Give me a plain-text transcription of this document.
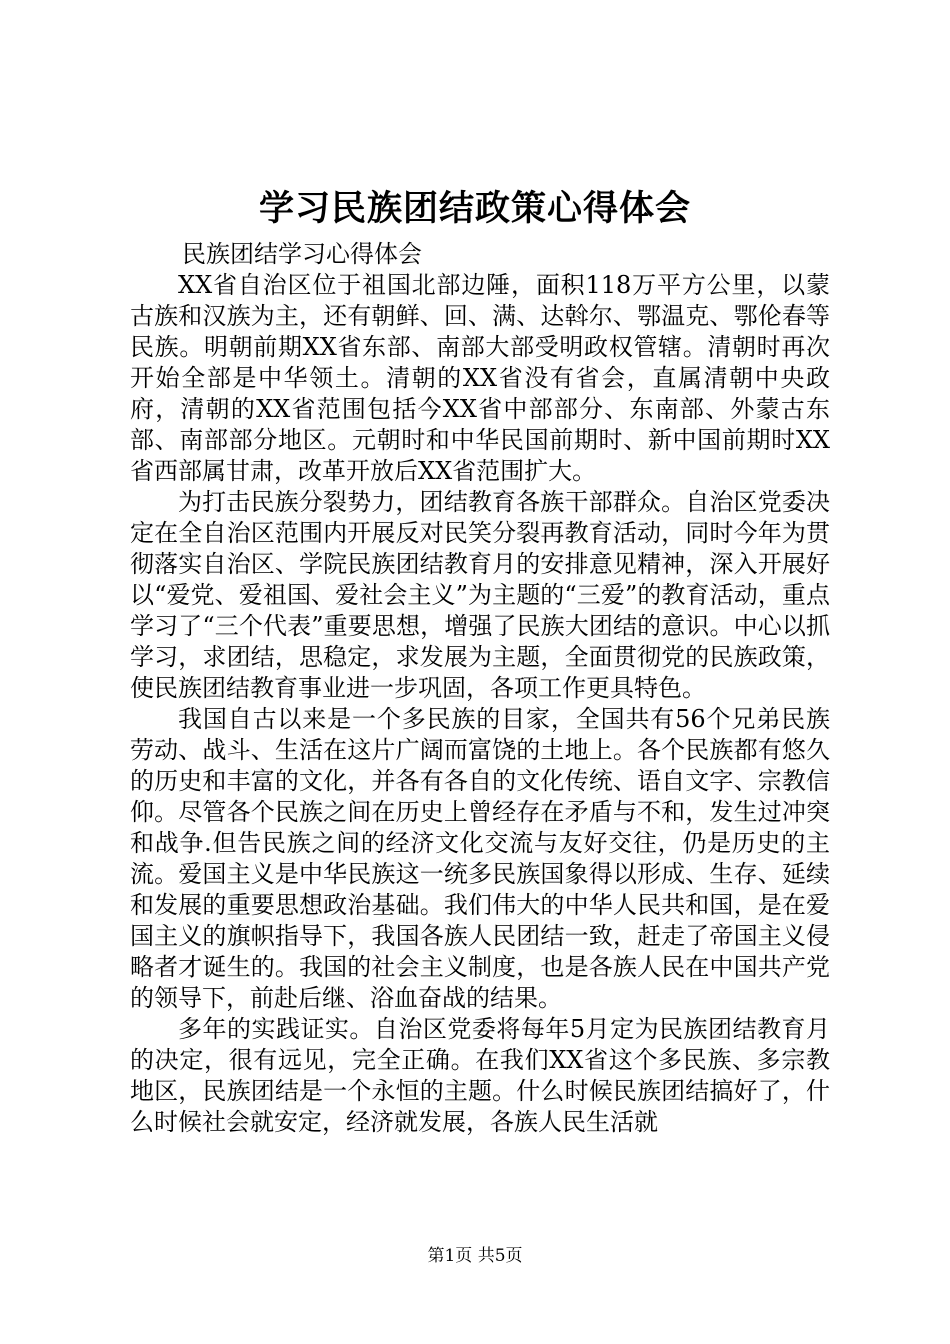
学习民族团结政策心得体会
民族团结学习心得体会

XX省自治区位于祖国北部边陲，面积118万平方公里，以蒙古族和汉族为主，还有朝鲜、回、满、达斡尔、鄂温克、鄂伦春等民族。明朝前期XX省东部、南部大部受明政权管辖。清朝时再次开始全部是中华领土。清朝的XX省没有省会，直属清朝中央政府，清朝的XX省范围包括今XX省中部部分、东南部、外蒙古东部、南部部分地区。元朝时和中华民国前期时、新中国前期时XX省西部属甘肃，改革开放后XX省范围扩大。

为打击民族分裂势力，团结教育各族干部群众。自治区党委决定在全自治区范围内开展反对民笑分裂再教育活动，同时今年为贯彻落实自治区、学院民族团结教育月的安排意见精神，深入开展好以“爱党、爱祖国、爱社会主义”为主题的“三爱”的教育活动，重点学习了“三个代表”重要思想，增强了民族大团结的意识。中心以抓学习，求团结，思稳定，求发展为主题，全面贯彻党的民族政策，使民族团结教育事业进一步巩固，各项工作更具特色。

我国自古以来是一个多民族的目家，全国共有56个兄弟民族劳动、战斗、生活在这片广阔而富饶的土地上。各个民族都有悠久的历史和丰富的文化，并各有各自的文化传统、语自文字、宗教信仰。尽管各个民族之间在历史上曾经存在矛盾与不和，发生过冲突和战争.但告民族之间的经济文化交流与友好交往，仍是历史的主流。爱国主义是中华民族这一统多民族国象得以形成、生存、延续和发展的重要思想政治基础。我们伟大的中华人民共和国，是在爱国主义的旗帜指导下，我国各族人民团结一致，赶走了帝国主义侵略者才诞生的。我国的社会主义制度，也是各族人民在中国共产党的领导下，前赴后继、浴血奋战的结果。

多年的实践证实。自治区党委将每年5月定为民族团结教育月的决定，很有远见，完全正确。在我们XX省这个多民族、多宗教地区，民族团结是一个永恒的主题。什么时候民族团结搞好了，什么时候社会就安定，经济就发展，各族人民生活就

第1页 共5页
